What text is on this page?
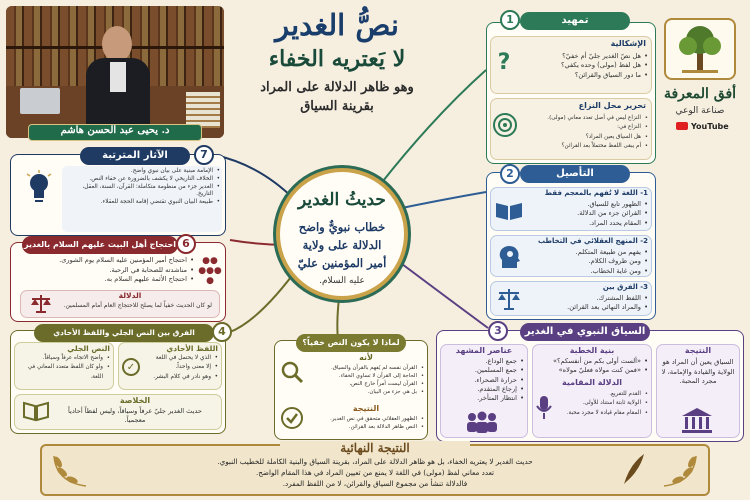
د. يحيى عبد الحسن هاشم
نصُّ الغدير
لا يَعتريه الخفاء
وهو ظاهر الدلالة على المراد
بقرينة السياق
أفق المعرفة
صناعة الوعي
YouTube
حديثُ الغدير
خطاب نبويٌّ واضح
الدلالة على ولاية
أمير المؤمنين عليّ
عليه السلام.
تمهيد
1
الإشكالية
• هل نصّ الغدير جليّ أم خفيّ؟
• هل لفظ (مولى) وحده يكفي؟
• ما دور السياق والقرائن؟
?
تحرير محل النزاع
• النزاع ليس في أصل تعدد معاني (مولى).
• النزاع في:
• هل السياق يعين المراد؟
• أم يبقى اللفظ محتملاً بعد القرائن؟
التأصيل
2
1- اللغة لا تُفهم بالمعجم فقط
• الظهور تابع للسياق.
• القرائن جزء من الدلالة.
• المقام يحدد المراد.
2- المنهج العقلائي في التخاطب
• يفهم من طبيعة المتكلم.
• ومن ظروف الكلام.
• ومن غاية الخطاب.
3- الفرق بين
• اللفظ المشترك.
• والمراد النهائي بعد القرائن.
السياق النبوي في الغدير
3
النتيجة
السياق يعين أن المراد هو الولاية والقيادة والإمامة، لا مجرد المحبة.
بنية الخطبة
• «ألست أولى بكم من أنفسكم؟»
• «فمن كنت مولاه فعليّ مولاه»
الدلالة المقامية
• القدم للتفريع.
• الولاية ثابتة استناد للأولى.
• المقام مقام قيادة لا مجرد محبة.
عناصر المشهد
• جمع الوداع.
• جمع المسلمين.
• حرارة الصحراء.
• إرجاع المتقدم.
• انتظار المتأخر.
لماذا لا يكون النص خفياً؟
لأنه
• القرآن نفسه لم يُفهم بالقرآن والسياق.
• الحاجة إلى القرآن لا تساوي الخفاء.
• القرآن ليست أمراً خارج النص،
• بل هي جزء من البيان.
النتيجة
• الظهور العقلائي متحقق في نص الغدير.
• النص ظاهر الدلالة بعد القرائن.
الآثار المترتبة	7
• الإمامة مبنية على بيان نبوي واضح.
• الخلاف التاريخي لا يكشف بالضرورة عن خفاء النص.
• الغدير جزء من منظومة متكاملة: القرآن، السنة، العقل، التاريخ.
• طبيعة البيان النبوي تقتضي إقامة الحجة للعقلاء.
احتجاج أهل البيت عليهم السلام بالغدير 6
• احتجاج أمير المؤمنين عليه السلام يوم الشورى.
• مناشدته للصحابة في الرحبة.
• احتجاج الأئمة عليهم السلام به.
●●
●●●
●
الدلالة
لو كان الحديث خفياً لما يصلح للاحتجاج العام أمام المسلمين.
الفرق بين النص الجلي واللفظ الأحادي	4
اللفظ الأحادي
• الذي لا يحتمل في اللغة
• إلا معنى واحداً.
• وهو نادر في كلام البشر.
✓
النص الجلي
• واضح الاتجاه عرفاً وسياقاً.
• ولو كان اللفظ متعدد المعاني في اللغة.
الخلاصة
حديث الغدير جليّ عرفاً وسياقاً، وليس لفظاً أحادياً معجمياً.
النتيجة النهائية
حديث الغدير لا يعتريه الخفاء، بل هو ظاهر الدلالة على المراد، بقرينة السياق والبنية الكاملة للخطيب النبوي.
تعدد معاني لفظ (مولى) في اللغة لا يمنع من تعيين المراد في هذا المقام الواضح.
فالدلالة تنشأ من مجموع السياق والقرائن، لا من اللفظ المفرد.
